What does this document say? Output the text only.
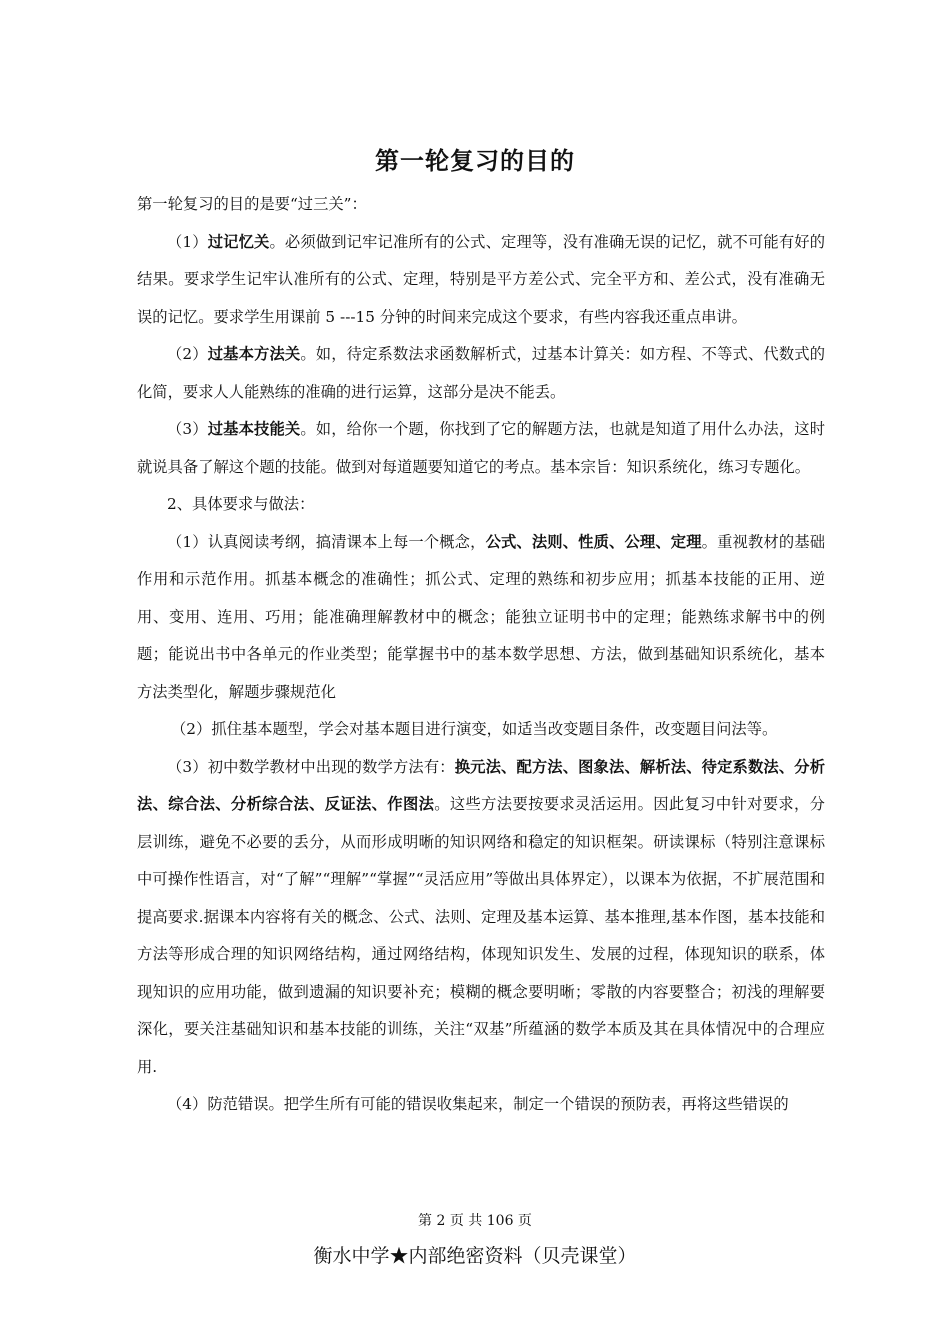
第一轮复习的目的

第一轮复习的目的是要“过三关”：

（1）过记忆关。必须做到记牢记准所有的公式、定理等，没有准确无误的记忆，就不可能有好的结果。要求学生记牢认准所有的公式、定理，特别是平方差公式、完全平方和、差公式，没有准确无误的记忆。要求学生用课前 5 ---15 分钟的时间来完成这个要求，有些内容我还重点串讲。

（2）过基本方法关。如，待定系数法求函数解析式，过基本计算关：如方程、不等式、代数式的化简，要求人人能熟练的准确的进行运算，这部分是决不能丢。

（3）过基本技能关。如，给你一个题，你找到了它的解题方法，也就是知道了用什么办法，这时就说具备了解这个题的技能。做到对每道题要知道它的考点。基本宗旨：知识系统化，练习专题化。

2、具体要求与做法：

（1）认真阅读考纲，搞清课本上每一个概念，公式、法则、性质、公理、定理。重视教材的基础作用和示范作用。抓基本概念的准确性；抓公式、定理的熟练和初步应用；抓基本技能的正用、逆用、变用、连用、巧用；能准确理解教材中的概念；能独立证明书中的定理；能熟练求解书中的例题；能说出书中各单元的作业类型；能掌握书中的基本数学思想、方法，做到基础知识系统化，基本方法类型化，解题步骤规范化

（2）抓住基本题型，学会对基本题目进行演变，如适当改变题目条件，改变题目问法等。

（3）初中数学教材中出现的数学方法有：换元法、配方法、图象法、解析法、待定系数法、分析法、综合法、分析综合法、反证法、作图法。这些方法要按要求灵活运用。因此复习中针对要求，分层训练，避免不必要的丢分，从而形成明晰的知识网络和稳定的知识框架。研读课标（特别注意课标中可操作性语言，对“了解”“理解”“掌握”“灵活应用”等做出具体界定），以课本为依据，不扩展范围和提高要求.据课本内容将有关的概念、公式、法则、定理及基本运算、基本推理,基本作图，基本技能和方法等形成合理的知识网络结构，通过网络结构，体现知识发生、发展的过程，体现知识的联系，体现知识的应用功能，做到遗漏的知识要补充；模糊的概念要明晰；零散的内容要整合；初浅的理解要深化，要关注基础知识和基本技能的训练，关注“双基”所蕴涵的数学本质及其在具体情况中的合理应用.

（4）防范错误。把学生所有可能的错误收集起来，制定一个错误的预防表，再将这些错误的

第 2 页 共 106 页
衡水中学★内部绝密资料（贝壳课堂）
